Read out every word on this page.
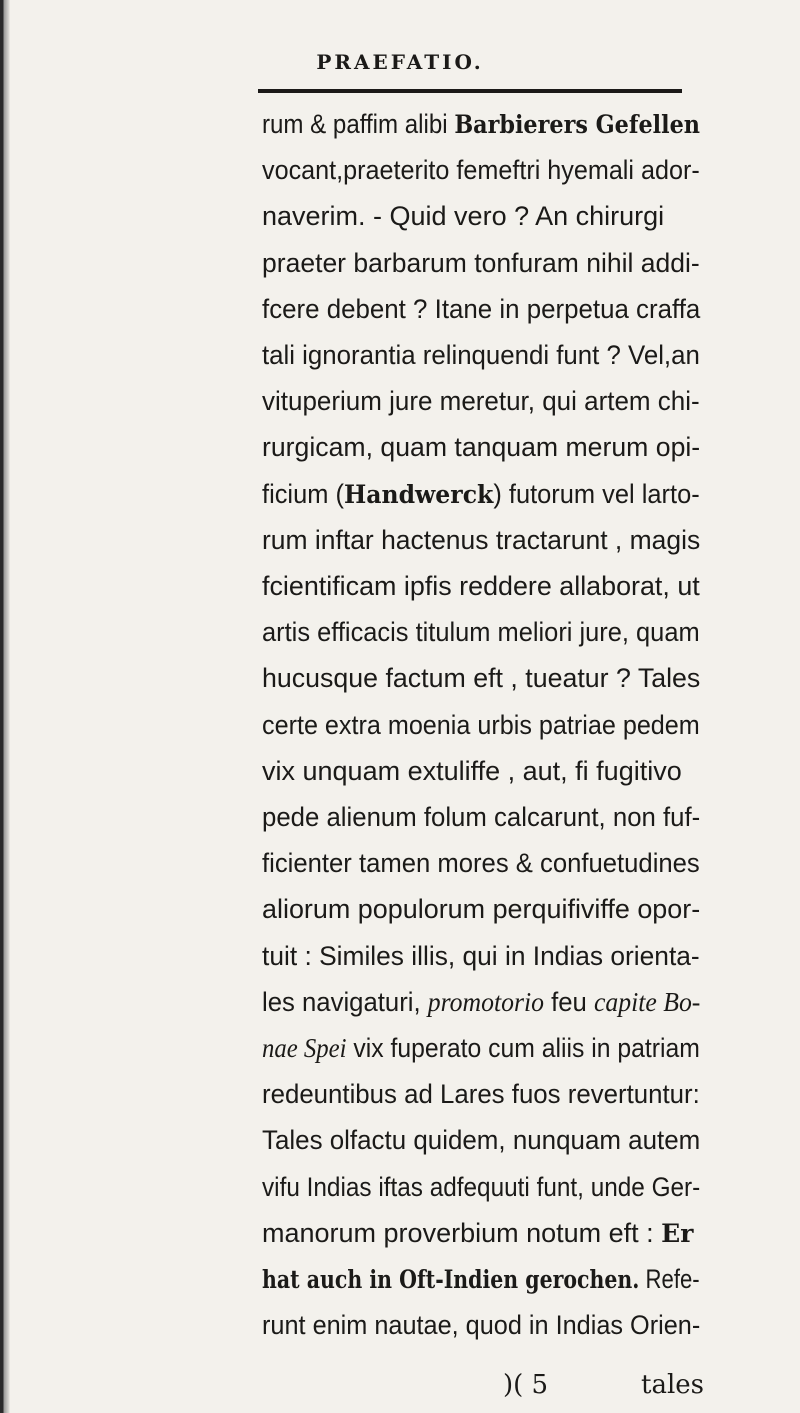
PRAEFATIO.
rum & paffim alibi Barbierers Gefellen
vocant,praeterito femeftri hyemali ador-
naverim. - Quid vero ? An chirurgi
praeter barbarum tonfuram nihil addi-
fcere debent ? Itane in perpetua craffa
tali ignorantia relinquendi funt ? Vel,an
vituperium jure meretur, qui artem chi-
rurgicam, quam tanquam merum opi-
ficium (Handwerck) futorum vel larto-
rum inftar hactenus tractarunt , magis
fcientificam ipfis reddere allaborat, ut
artis efficacis titulum meliori jure, quam
hucusque factum eft , tueatur ? Tales
certe extra moenia urbis patriae pedem
vix unquam extuliffe , aut, fi fugitivo
pede alienum folum calcarunt, non fuf-
ficienter tamen mores & confuetudines
aliorum populorum perquifiviffe opor-
tuit : Similes illis, qui in Indias orienta-
les navigaturi, promotorio feu capite Bo-
nae Spei vix fuperato cum aliis in patriam
redeuntibus ad Lares fuos revertuntur:
Tales olfactu quidem, nunquam autem
vifu Indias iftas adfequuti funt, unde Ger-
manorum proverbium notum eft : Er
hat auch in Oft-Indien gerochen. Refe-
runt enim nautae, quod in Indias Orien-
)( 5	tales
